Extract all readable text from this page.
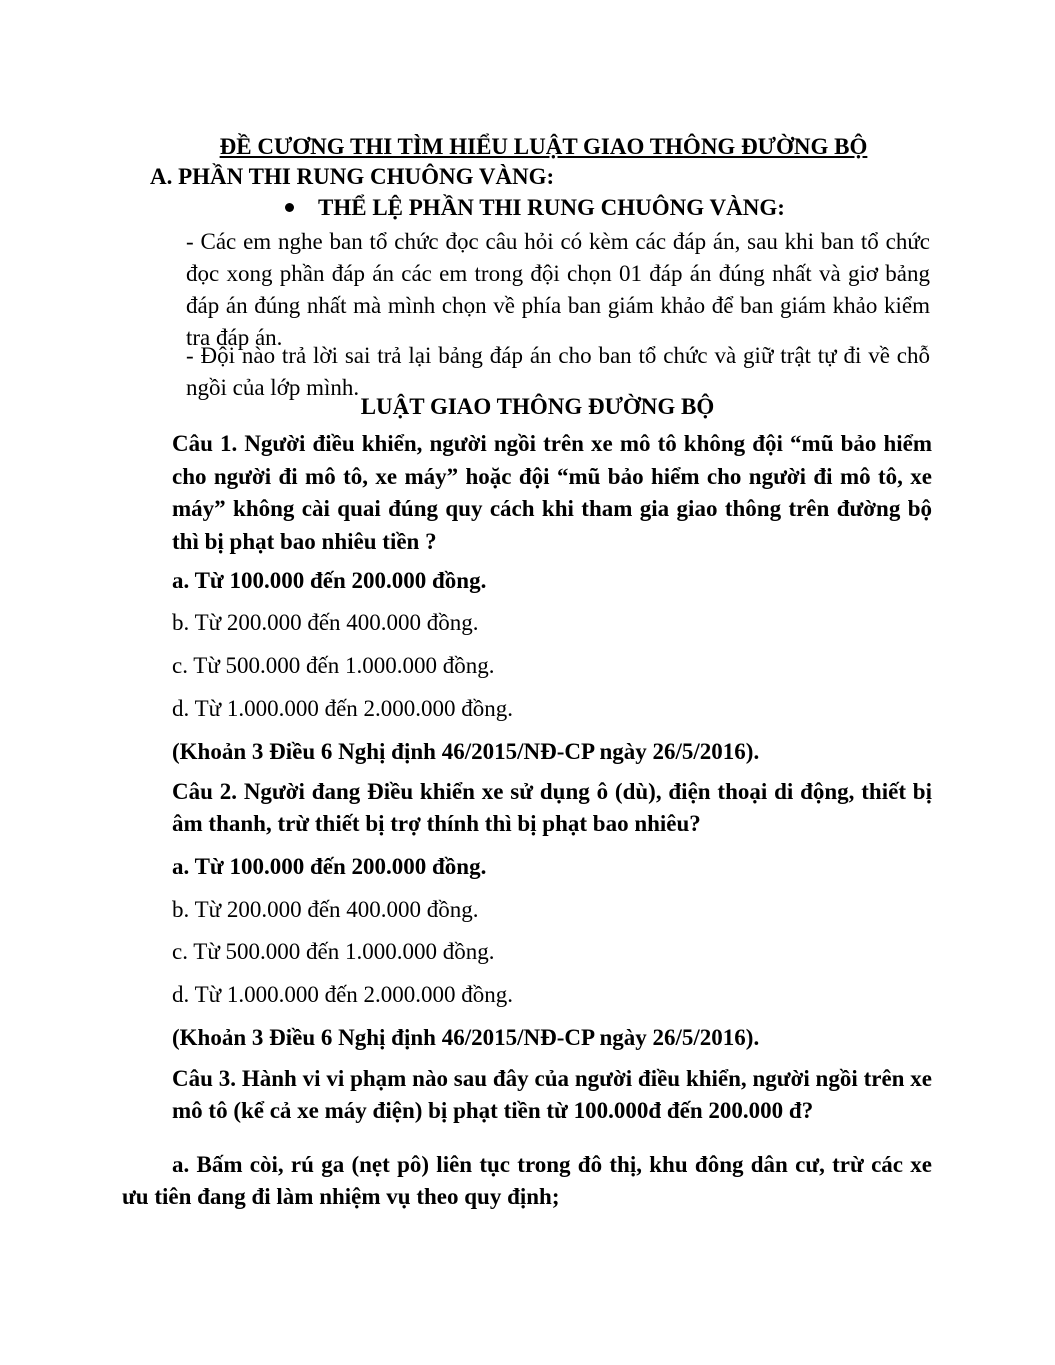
ĐỀ CƯƠNG THI TÌM HIỂU LUẬT GIAO THÔNG ĐƯỜNG BỘ
A. PHẦN THI RUNG CHUÔNG VÀNG:
THỂ LỆ PHẦN THI RUNG CHUÔNG VÀNG:
- Các em nghe ban tổ chức đọc câu hỏi có kèm các đáp án, sau khi ban tổ chức đọc xong phần đáp án các em trong đội chọn 01 đáp án đúng nhất và giơ bảng đáp án đúng nhất mà mình chọn về phía ban giám khảo để ban giám khảo kiểm tra đáp án.
- Đội nào trả lời sai trả lại bảng đáp án cho ban tổ chức và giữ trật tự đi về chỗ ngồi của lớp mình.
LUẬT GIAO THÔNG ĐƯỜNG BỘ
Câu 1. Người điều khiển, người ngồi trên xe mô tô không đội “mũ bảo hiểm cho người đi mô tô, xe máy” hoặc đội “mũ bảo hiểm cho người đi mô tô, xe máy” không cài quai đúng quy cách khi tham gia giao thông trên đường bộ thì bị phạt bao nhiêu tiền ?
a. Từ 100.000 đến 200.000 đồng.
b. Từ 200.000 đến 400.000 đồng.
c. Từ 500.000 đến 1.000.000 đồng.
d. Từ 1.000.000 đến 2.000.000 đồng.
(Khoản 3 Điều 6 Nghị định 46/2015/NĐ-CP ngày 26/5/2016).
Câu 2. Người đang Điều khiển xe sử dụng ô (dù), điện thoại di động, thiết bị âm thanh, trừ thiết bị trợ thính thì bị phạt bao nhiêu?
a. Từ 100.000 đến 200.000 đồng.
b. Từ 200.000 đến 400.000 đồng.
c. Từ 500.000 đến 1.000.000 đồng.
d. Từ 1.000.000 đến 2.000.000 đồng.
(Khoản 3 Điều 6 Nghị định 46/2015/NĐ-CP ngày 26/5/2016).
Câu 3. Hành vi vi phạm nào sau đây của người điều khiển, người ngồi trên xe mô tô (kể cả xe máy điện) bị phạt tiền từ 100.000đ đến 200.000 đ?
a. Bấm còi, rú ga (nẹt pô) liên tục trong đô thị, khu đông dân cư, trừ các xe ưu tiên đang đi làm nhiệm vụ theo quy định;
